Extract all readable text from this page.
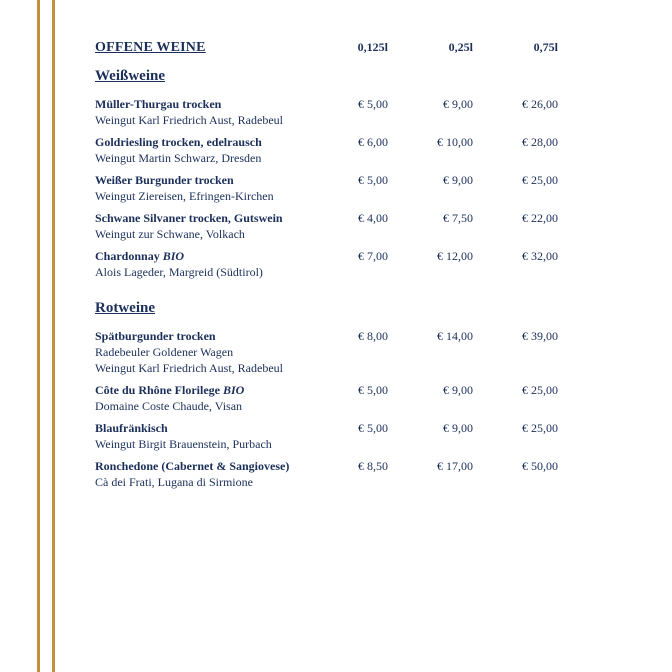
OFFENE WEINE	0,125l	0,25l	0,75l
Weißweine
Müller-Thurgau trocken
Weingut Karl Friedrich Aust, Radebeul
€ 5,00	€ 9,00	€ 26,00
Goldriesling trocken, edelrausch
Weingut Martin Schwarz, Dresden
€ 6,00	€ 10,00	€ 28,00
Weißer Burgunder trocken
Weingut Ziereisen, Efringen-Kirchen
€ 5,00	€ 9,00	€ 25,00
Schwane Silvaner trocken, Gutswein
Weingut zur Schwane, Volkach
€ 4,00	€ 7,50	€ 22,00
Chardonnay BIO
Alois Lageder, Margreid (Südtirol)
€ 7,00	€ 12,00	€ 32,00
Rotweine
Spätburgunder trocken
Radebeuler Goldener Wagen
Weingut Karl Friedrich Aust, Radebeul
€ 8,00	€ 14,00	€ 39,00
Côte du Rhône Florilege BIO
Domaine Coste Chaude, Visan
€ 5,00	€ 9,00	€ 25,00
Blaufränkisch
Weingut Birgit Brauenstein, Purbach
€ 5,00	€ 9,00	€ 25,00
Ronchedone (Cabernet & Sangiovese)
Cà dei Frati, Lugana di Sirmione
€ 8,50	€ 17,00	€ 50,00
